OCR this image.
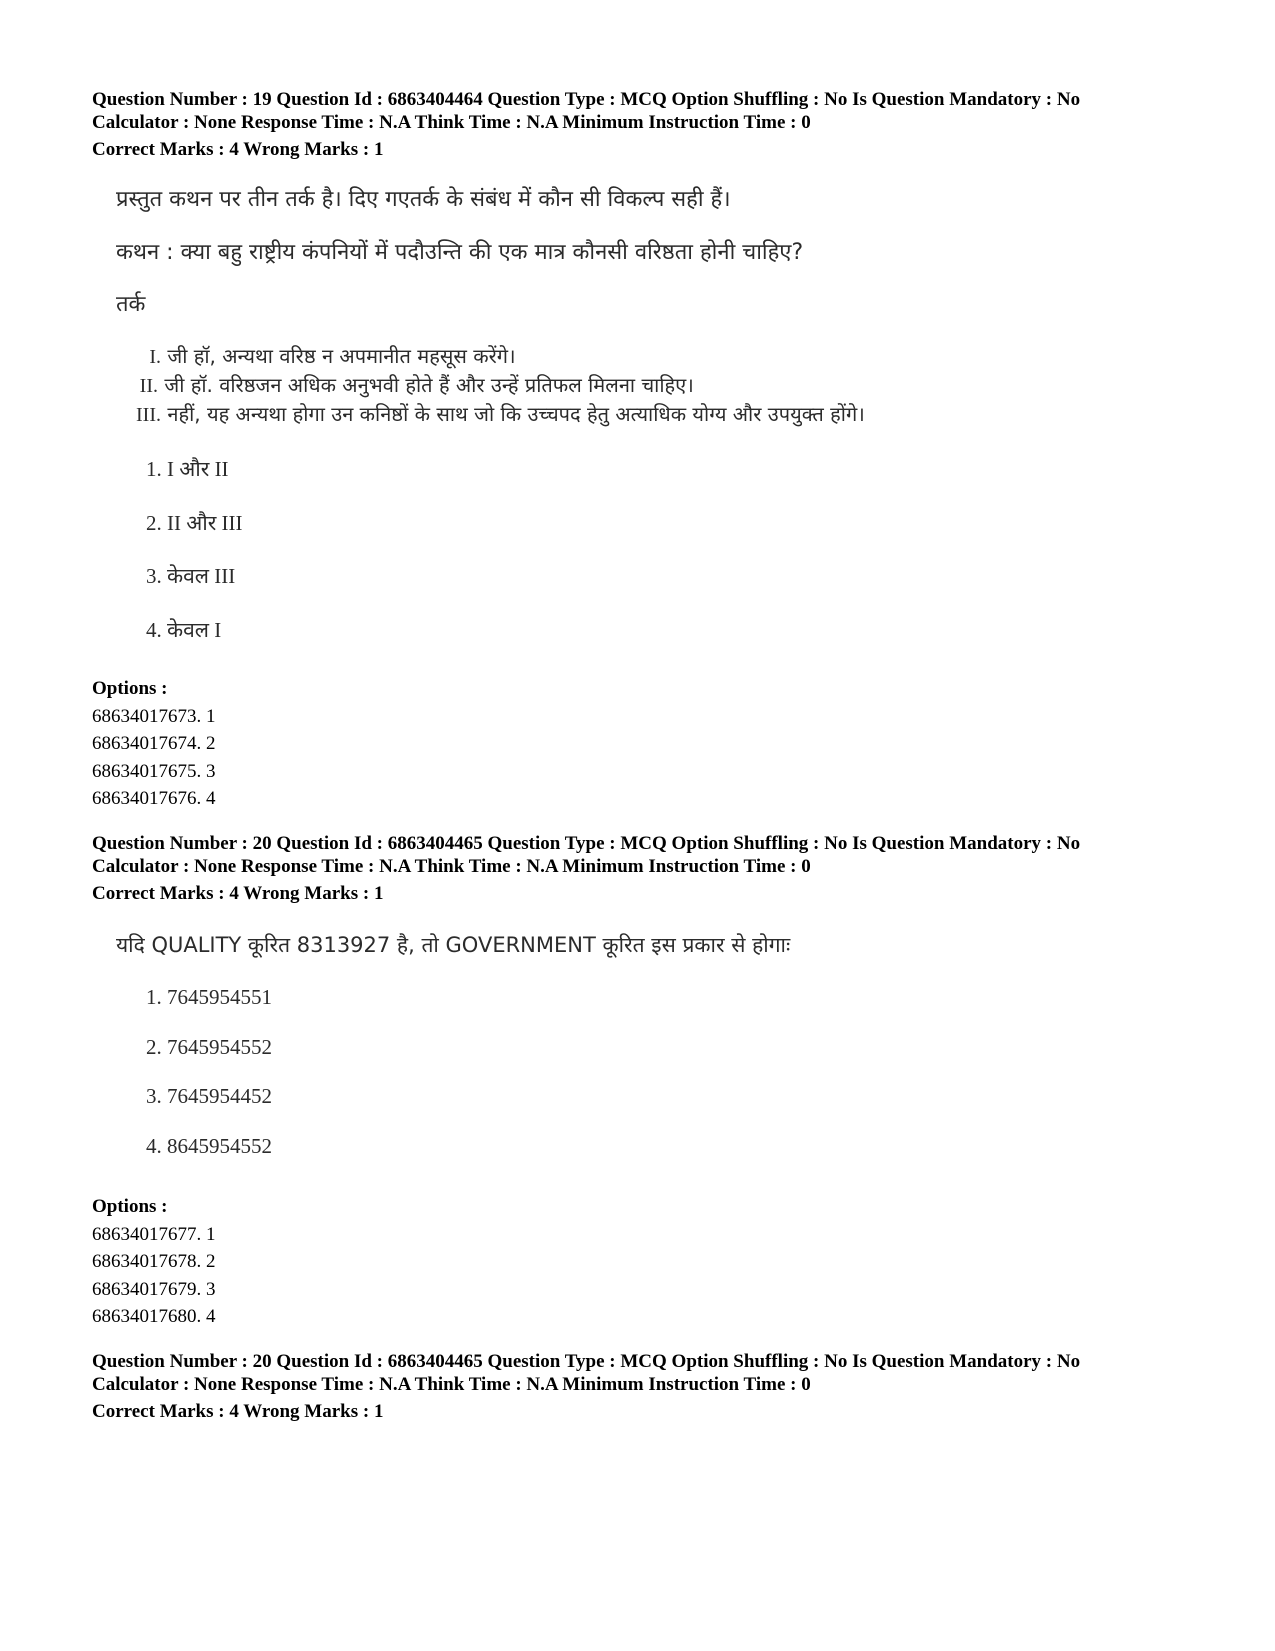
Question Number : 19 Question Id : 6863404464 Question Type : MCQ Option Shuffling : No Is Question Mandatory : No
Calculator : None Response Time : N.A Think Time : N.A Minimum Instruction Time : 0
Correct Marks : 4 Wrong Marks : 1
प्रस्तुत कथन पर तीन तर्क है। दिए गएतर्क के संबंध में कौन सी विकल्प सही हैं।
कथन : क्या बहु राष्ट्रीय कंपनियों में पदौउन्ति की एक मात्र कौनसी वरिष्ठता होनी चाहिए?
तर्क
I. जी हॉ, अन्यथा वरिष्ठ न अपमानीत महसूस करेंगे।
II. जी हॉ. वरिष्ठजन अधिक अनुभवी होते हैं और उन्हें प्रतिफल मिलना चाहिए।
III. नहीं, यह अन्यथा होगा उन कनिष्ठों के साथ जो कि उच्चपद हेतु अत्याधिक योग्य और उपयुक्त होंगे।
1. I और II
2. II और III
3. केवल III
4. केवल I
Options :
68634017673. 1
68634017674. 2
68634017675. 3
68634017676. 4
Question Number : 20 Question Id : 6863404465 Question Type : MCQ Option Shuffling : No Is Question Mandatory : No
Calculator : None Response Time : N.A Think Time : N.A Minimum Instruction Time : 0
Correct Marks : 4 Wrong Marks : 1
यदि QUALITY कूरित 8313927 है, तो GOVERNMENT कूरित इस प्रकार से होगाः
1. 7645954551
2. 7645954552
3. 7645954452
4. 8645954552
Options :
68634017677. 1
68634017678. 2
68634017679. 3
68634017680. 4
Question Number : 20 Question Id : 6863404465 Question Type : MCQ Option Shuffling : No Is Question Mandatory : No
Calculator : None Response Time : N.A Think Time : N.A Minimum Instruction Time : 0
Correct Marks : 4 Wrong Marks : 1
